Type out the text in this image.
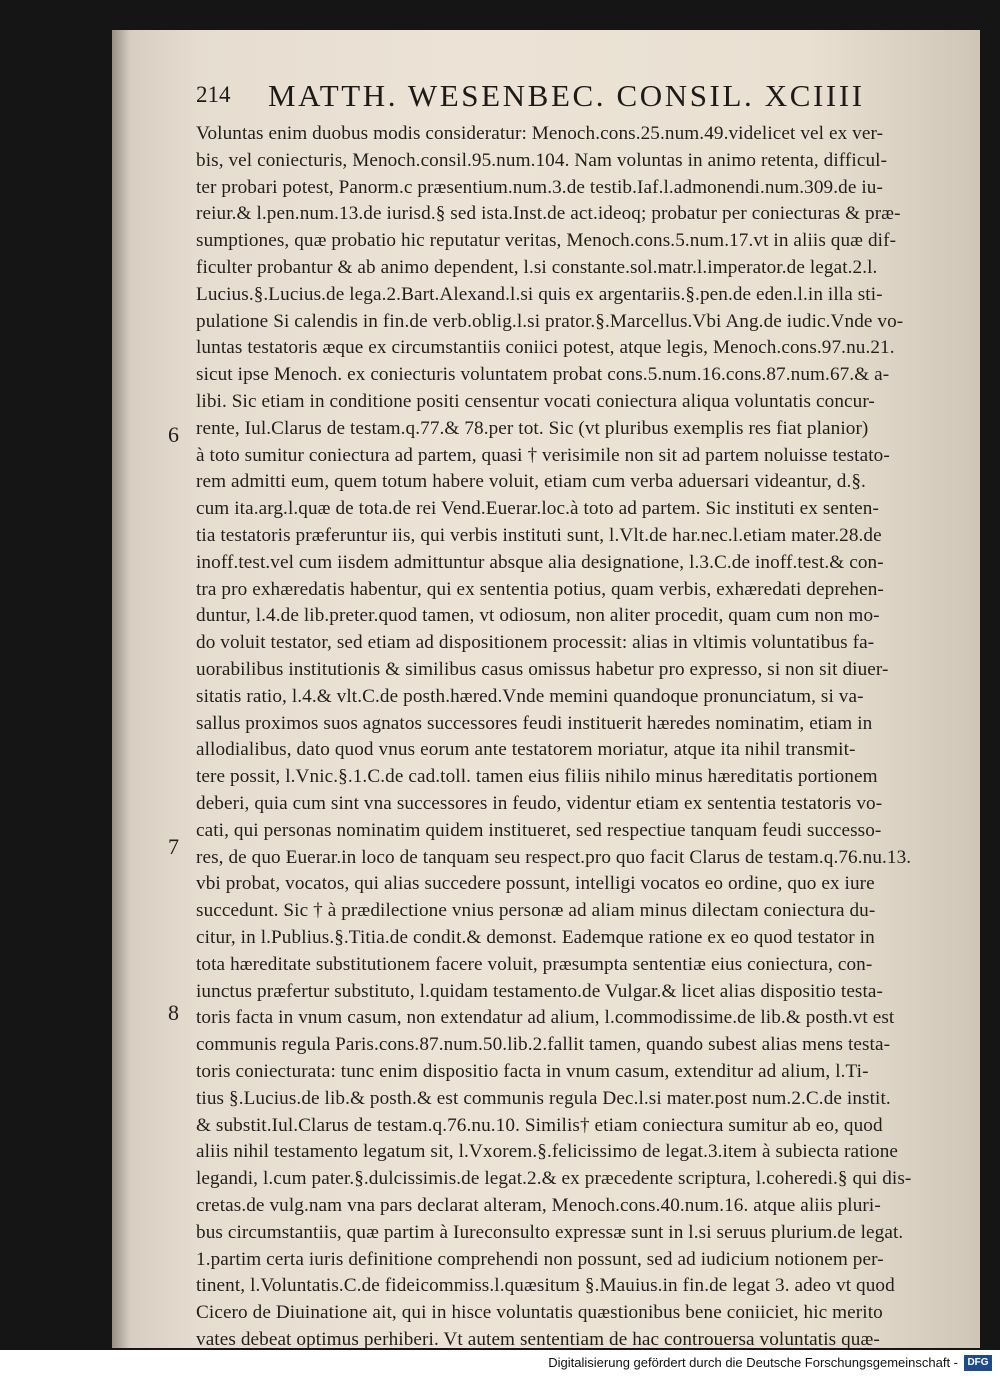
214 MATTH. WESENBEC. CONSIL. XCIIII
Voluntas enim duobus modis consideratur: Menoch.cons.25.num.49.videlicet vel ex ver-
bis, vel coniecturis, Menoch.consil.95.num.104. Nam voluntas in animo retenta, difficul-
ter probari potest, Panorm.c præsentium.num.3.de testib.Iaf.l.admonendi.num.309.de iu-
reiur.& l.pen.num.13.de iurisd.§ sed ista.Inst.de act.ideoq; probatur per coniecturas & præ-
sumptiones, quæ probatio hic reputatur veritas, Menoch.cons.5.num.17.vt in aliis quæ dif-
ficulter probantur & ab animo dependent, l.si constante.sol.matr.l.imperator.de legat.2.l.
Lucius.§.Lucius.de lega.2.Bart.Alexand.l.si quis ex argentariis.§.pen.de eden.l.in illa sti-
pulatione Si calendis in fin.de verb.oblig.l.si prator.§.Marcellus.Vbi Ang.de iudic.Vnde vo-
luntas testatoris æque ex circumstantiis coniici potest, atque legis, Menoch.cons.97.nu.21.
sicut ipse Menoch. ex coniecturis voluntatem probat cons.5.num.16.cons.87.num.67.& a-
libi. Sic etiam in conditione positi censentur vocati coniectura aliqua voluntatis concur-
rente, Iul.Clarus de testam.q.77.& 78.per tot. Sic (vt pluribus exemplis res fiat planior)
à toto sumitur coniectura ad partem, quasi † verisimile non sit ad partem noluisse testato-
rem admitti eum, quem totum habere voluit, etiam cum verba aduersari videantur, d.§.
cum ita.arg.l.quæ de tota.de rei Vend.Euerar.loc.à toto ad partem. Sic instituti ex senten-
tia testatoris præferuntur iis, qui verbis instituti sunt, l.Vlt.de har.nec.l.etiam mater.28.de
inoff.test.vel cum iisdem admittuntur absque alia designatione, l.3.C.de inoff.test.& con-
tra pro exhæredatis habentur, qui ex sententia potius, quam verbis, exhæredati deprehen-
duntur, l.4.de lib.preter.quod tamen, vt odiosum, non aliter procedit, quam cum non mo-
do voluit testator, sed etiam ad dispositionem processit: alias in vltimis voluntatibus fa-
uorabilibus institutionis & similibus casus omissus habetur pro expresso, si non sit diuer-
sitatis ratio, l.4.& vlt.C.de posth.hæred.Vnde memini quandoque pronunciatum, si va-
sallus proximos suos agnatos successores feudi instituerit hæredes nominatim, etiam in
allodialibus, dato quod vnus eorum ante testatorem moriatur, atque ita nihil transmit-
tere possit, l.Vnic.§.1.C.de cad.toll. tamen eius filiis nihilo minus hæreditatis portionem
deberi, quia cum sint vna successores in feudo, videntur etiam ex sententia testatoris vo-
cati, qui personas nominatim quidem institueret, sed respectiue tanquam feudi successo-
res, de quo Euerar.in loco de tanquam seu respect.pro quo facit Clarus de testam.q.76.nu.13.
vbi probat, vocatos, qui alias succedere possunt, intelligi vocatos eo ordine, quo ex iure
succedunt. Sic † à prædilectione vnius personæ ad aliam minus dilectam coniectura du-
citur, in l.Publius.§.Titia.de condit.& demonst. Eademque ratione ex eo quod testator in
tota hæreditate substitutionem facere voluit, præsumpta sententiæ eius coniectura, con-
iunctus præfertur substituto, l.quidam testamento.de Vulgar.& licet alias dispositio testa-
toris facta in vnum casum, non extendatur ad alium, l.commodissime.de lib.& posth.vt est
communis regula Paris.cons.87.num.50.lib.2.fallit tamen, quando subest alias mens testa-
toris coniecturata: tunc enim dispositio facta in vnum casum, extenditur ad alium, l.Ti-
tius §.Lucius.de lib.& posth.& est communis regula Dec.l.si mater.post num.2.C.de instit.
& substit.Iul.Clarus de testam.q.76.nu.10. Similis† etiam coniectura sumitur ab eo, quod
aliis nihil testamento legatum sit, l.Vxorem.§.felicissimo de legat.3.item à subiecta ratione
legandi, l.cum pater.§.dulcissimis.de legat.2.& ex præcedente scriptura, l.coheredi.§ qui dis-
cretas.de vulg.nam vna pars declarat alteram, Menoch.cons.40.num.16. atque aliis pluri-
bus circumstantiis, quæ partim à Iureconsulto expressæ sunt in l.si seruus plurium.de legat.
1.partim certa iuris definitione comprehendi non possunt, sed ad iudicium notionem per-
tinent, l.Voluntatis.C.de fideicommiss.l.quæsitum §.Mauius.in fin.de legat 3. adeo vt quod
Cicero de Diuinatione ait, qui in hisce voluntatis quæstionibus bene coniiciet, hic merito
vates debeat optimus perhiberi. Vt autem sententiam de hac controuersa voluntatis quæ-
6
7
8
Digitalisierung gefördert durch die Deutsche Forschungsgemeinschaft - DFG
